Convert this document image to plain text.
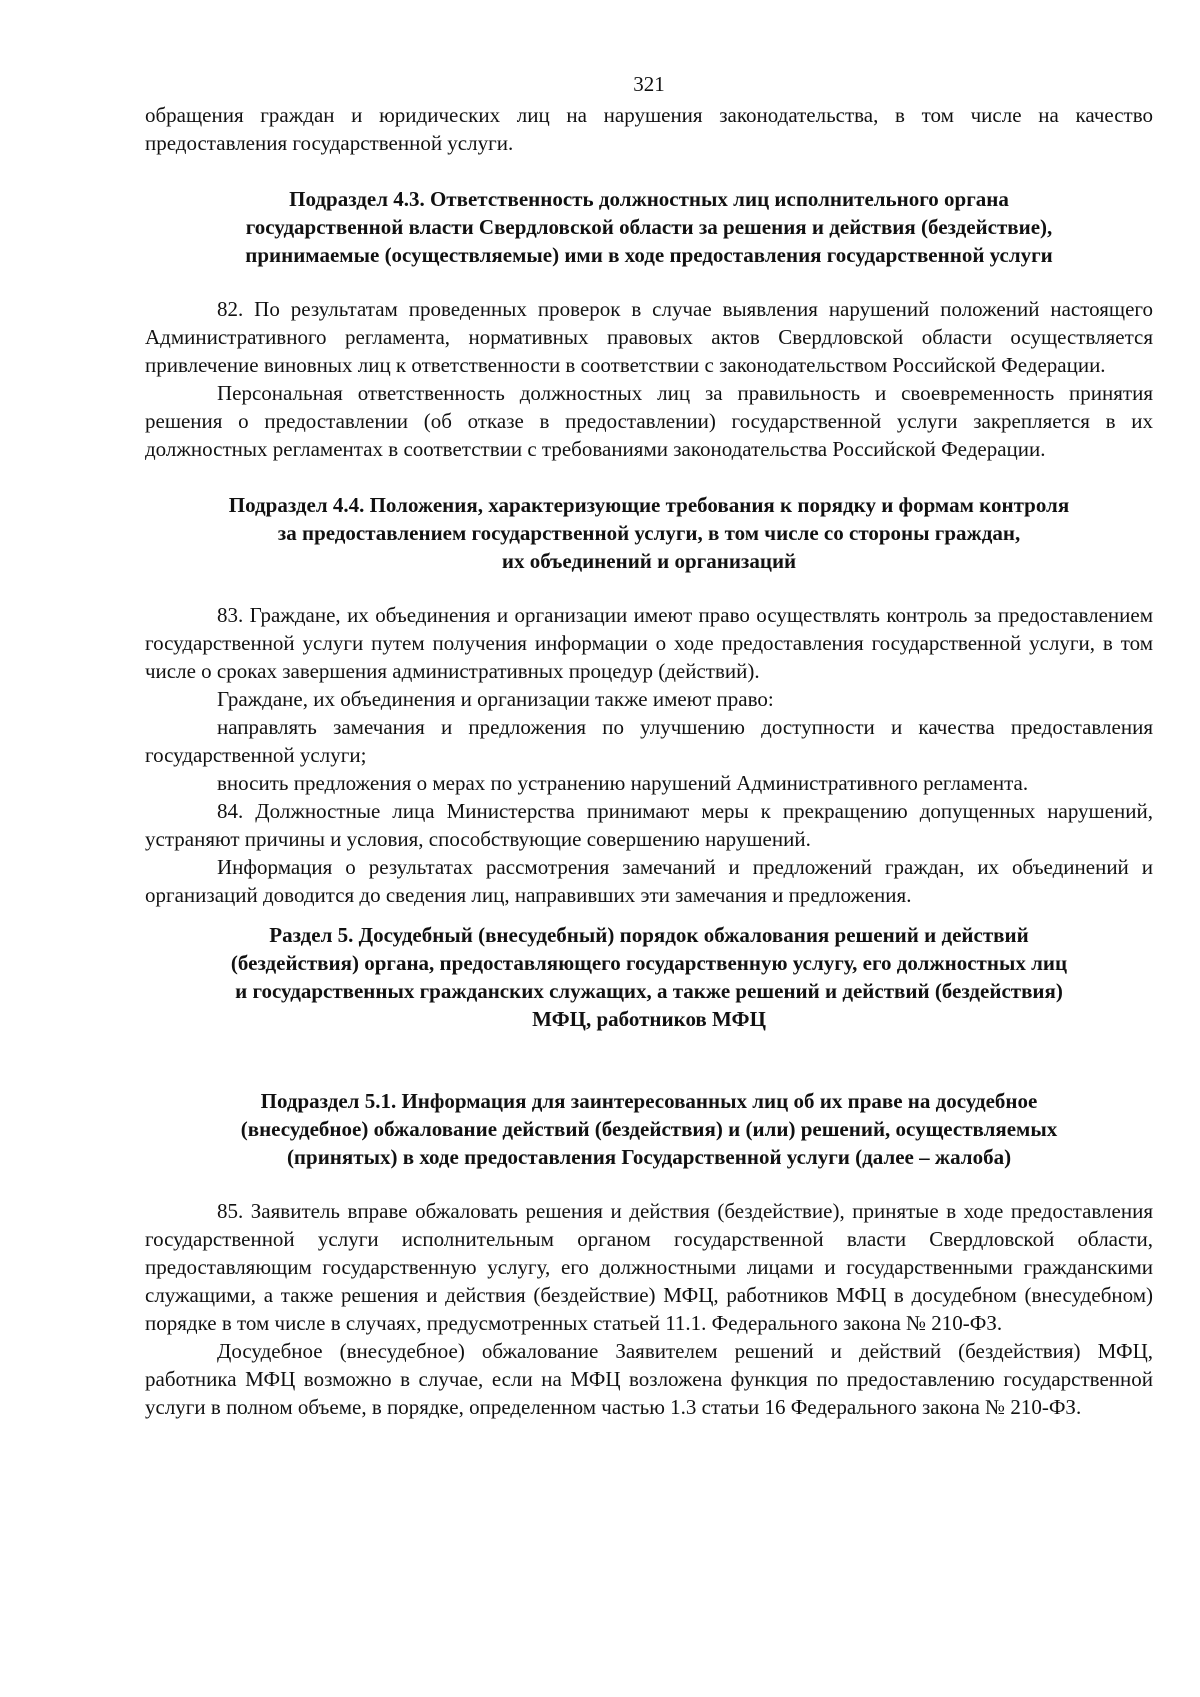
321

обращения граждан и юридических лиц на нарушения законодательства, в том числе на качество предоставления государственной услуги.

Подраздел 4.3. Ответственность должностных лиц исполнительного органа
государственной власти Свердловской области за решения и действия (бездействие),
принимаемые (осуществляемые) ими в ходе предоставления государственной услуги

82. По результатам проведенных проверок в случае выявления нарушений положений настоящего Административного регламента, нормативных правовых актов Свердловской области осуществляется привлечение виновных лиц к ответственности в соответствии с законодательством Российской Федерации.

Персональная ответственность должностных лиц за правильность и своевременность принятия решения о предоставлении (об отказе в предоставлении) государственной услуги закрепляется в их должностных регламентах в соответствии с требованиями законодательства Российской Федерации.

Подраздел 4.4. Положения, характеризующие требования к порядку и формам контроля
за предоставлением государственной услуги, в том числе со стороны граждан,
их объединений и организаций

83. Граждане, их объединения и организации имеют право осуществлять контроль за предоставлением государственной услуги путем получения информации о ходе предоставления государственной услуги, в том числе о сроках завершения административных процедур (действий).

Граждане, их объединения и организации также имеют право:

направлять замечания и предложения по улучшению доступности и качества предоставления государственной услуги;

вносить предложения о мерах по устранению нарушений Административного регламента.

84. Должностные лица Министерства принимают меры к прекращению допущенных нарушений, устраняют причины и условия, способствующие совершению нарушений.

Информация о результатах рассмотрения замечаний и предложений граждан, их объединений и организаций доводится до сведения лиц, направивших эти замечания и предложения.

Раздел 5. Досудебный (внесудебный) порядок обжалования решений и действий
(бездействия) органа, предоставляющего государственную услугу, его должностных лиц
и государственных гражданских служащих, а также решений и действий (бездействия)
МФЦ, работников МФЦ
Подраздел 5.1. Информация для заинтересованных лиц об их праве на досудебное
(внесудебное) обжалование действий (бездействия) и (или) решений, осуществляемых
(принятых) в ходе предоставления Государственной услуги (далее – жалоба)

85. Заявитель вправе обжаловать решения и действия (бездействие), принятые в ходе предоставления государственной услуги исполнительным органом государственной власти Свердловской области, предоставляющим государственную услугу, его должностными лицами и государственными гражданскими служащими, а также решения и действия (бездействие) МФЦ, работников МФЦ в досудебном (внесудебном) порядке в том числе в случаях, предусмотренных статьей 11.1. Федерального закона № 210-ФЗ.

Досудебное (внесудебное) обжалование Заявителем решений и действий (бездействия) МФЦ, работника МФЦ возможно в случае, если на МФЦ возложена функция по предоставлению государственной услуги в полном объеме, в порядке, определенном частью 1.3 статьи 16 Федерального закона № 210-ФЗ.
